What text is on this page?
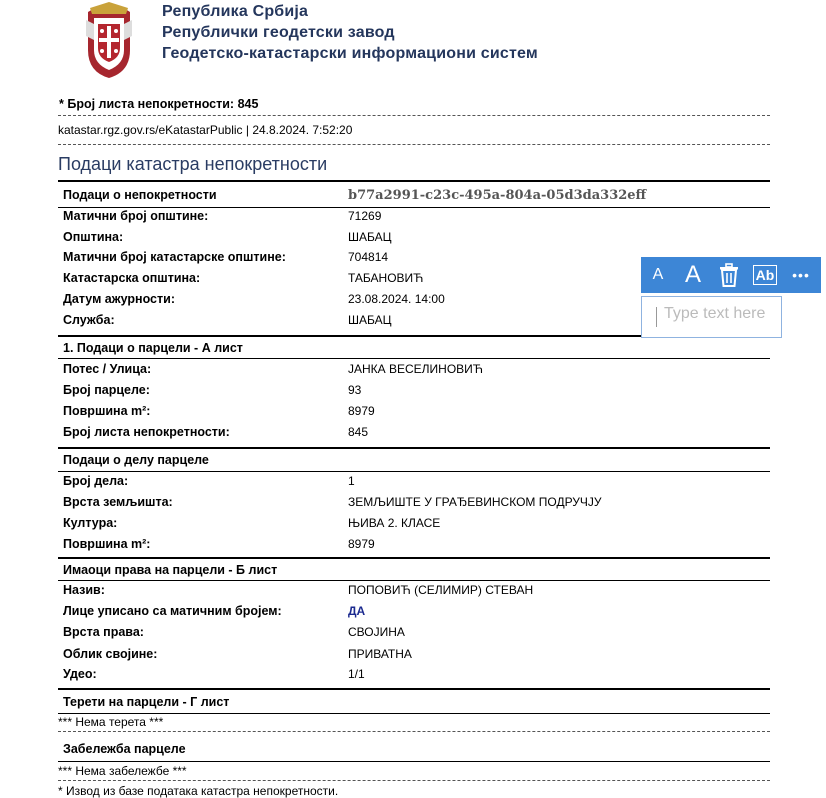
Република Србија
Републички геодетски завод
Геодетско-катастарски информациони систем
* Број листа непокретности: 845
katastar.rgz.gov.rs/eKatastarPublic | 24.8.2024. 7:52:20
Подаци катастра непокретности
Подаци о непокретности	b77a2991-c23c-495a-804a-05d3da332eff
Матични број општине:	71269
Општина:	ШАБАЦ
Матични број катастарске општине:	704814
Катастарска општина:	ТАБАНОВИЋ
Датум ажурности:	23.08.2024. 14:00
Служба:	ШАБАЦ
1. Подаци о парцели - А лист
Потес / Улица:	ЈАНКА ВЕСЕЛИНОВИЋ
Број парцеле:	93
Површина m²:	8979
Број листа непокретности:	845
Подаци о делу парцеле
Број дела:	1
Врста земљишта:	ЗЕМЉИШТЕ У ГРАЂЕВИНСКОМ ПОДРУЧЈУ
Култура:	ЊИВА 2. КЛАСЕ
Површина m²:	8979
Имаоци права на парцели - Б лист
Назив:	ПОПОВИЋ (СЕЛИМИР) СТЕВАН
Лице уписано са матичним бројем:	ДА
Врста права:	СВОЈИНА
Облик својине:	ПРИВАТНА
Удео:	1/1
Терети на парцели - Г лист
*** Нема терета ***
Забележба парцеле
*** Нема забележбе ***
* Извод из базе података катастра непокретности.
A A	Ab	•••
Type text here
